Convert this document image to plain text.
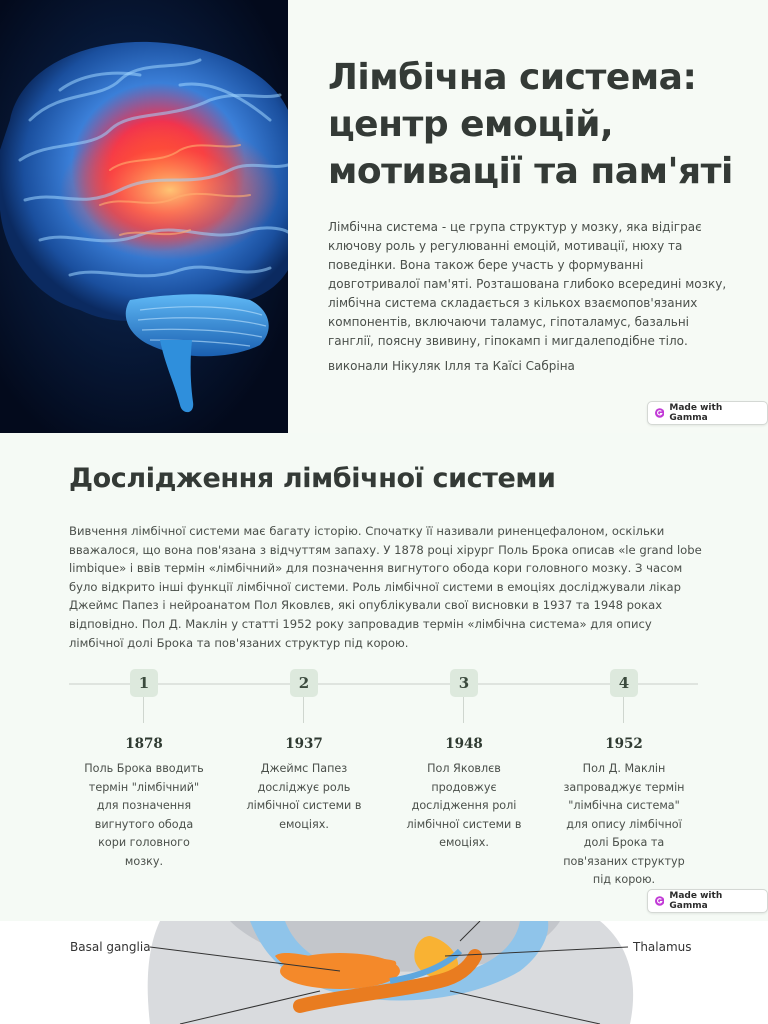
Лімбічна система: центр емоцій, мотивації та пам'яті

Лімбічна система - це група структур у мозку, яка відіграє ключову роль у регулюванні емоцій, мотивації, нюху та поведінки. Вона також бере участь у формуванні довготривалої пам'яті. Розташована глибоко всередині мозку, лімбічна система складається з кількох взаємопов'язаних компонентів, включаючи таламус, гіпоталамус, базальні ганглії, поясну звивину, гіпокамп і мигдалеподібне тіло.

виконали Нікуляк Ілля та Каїсі Сабріна

Made with Gamma
Дослідження лімбічної системи

Вивчення лімбічної системи має багату історію. Спочатку її називали риненцефалоном, оскільки вважалося, що вона пов'язана з відчуттям запаху. У 1878 році хірург Поль Брока описав «le grand lobe limbique» і ввів термін «лімбічний» для позначення вигнутого обода кори головного мозку. З часом було відкрито інші функції лімбічної системи. Роль лімбічної системи в емоціях досліджували лікар Джеймс Папез і нейроанатом Пол Яковлєв, які опублікували свої висновки в 1937 та 1948 роках відповідно. Пол Д. Маклін у статті 1952 року запровадив термін «лімбічна система» для опису лімбічної долі Брока та пов'язаних структур під корою.

1
1878
Поль Брока вводить термін "лімбічний" для позначення вигнутого обода кори головного мозку.
2
1937
Джеймс Папез досліджує роль лімбічної системи в емоціях.
3
1948
Пол Яковлєв продовжує дослідження ролі лімбічної системи в емоціях.
4
1952
Пол Д. Маклін запроваджує термін "лімбічна система" для опису лімбічної долі Брока та пов'язаних структур під корою.
Made with Gamma
Basal ganglia	Thalamus
